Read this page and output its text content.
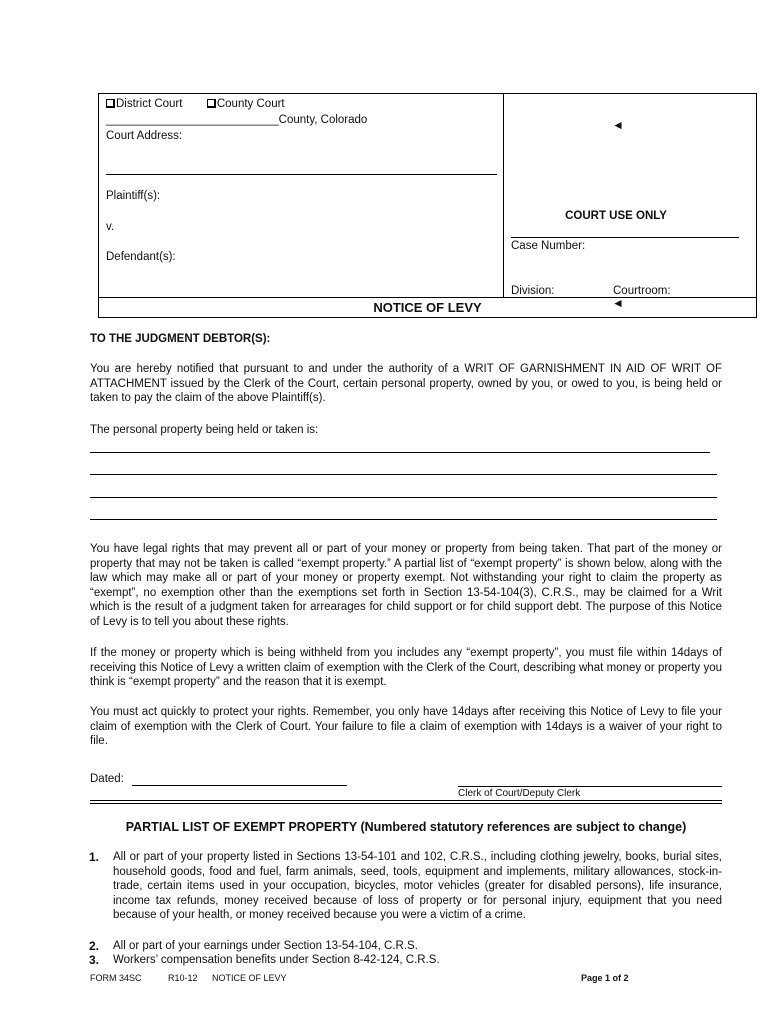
District Court	County Court
___________________________County, Colorado
Court Address:
Plaintiff(s):
v.
Defendant(s):
◄
COURT USE ONLY
Case Number:
Division:	Courtroom:
◄
NOTICE OF LEVY
TO THE JUDGMENT DEBTOR(S):
You are hereby notified that pursuant to and under the authority of a WRIT OF GARNISHMENT IN AID OF WRIT OF ATTACHMENT issued by the Clerk of the Court, certain personal property, owned by you, or owed to you, is being held or taken to pay the claim of the above Plaintiff(s).
The personal property being held or taken is:
You have legal rights that may prevent all or part of your money or property from being taken. That part of the money or property that may not be taken is called “exempt property.” A partial list of “exempt property” is shown below, along with the law which may make all or part of your money or property exempt. Not withstanding your right to claim the property as “exempt”, no exemption other than the exemptions set forth in Section 13-54-104(3), C.R.S., may be claimed for a Writ which is the result of a judgment taken for arrearages for child support or for child support debt. The purpose of this Notice of Levy is to tell you about these rights.
If the money or property which is being withheld from you includes any “exempt property”, you must file within 14days of receiving this Notice of Levy a written claim of exemption with the Clerk of the Court, describing what money or property you think is “exempt property” and the reason that it is exempt.
You must act quickly to protect your rights. Remember, you only have 14days after receiving this Notice of Levy to file your claim of exemption with the Clerk of Court. Your failure to file a claim of exemption with 14days is a waiver of your right to file.
Dated:
Clerk of Court/Deputy Clerk
PARTIAL LIST OF EXEMPT PROPERTY (Numbered statutory references are subject to change)
1. All or part of your property listed in Sections 13-54-101 and 102, C.R.S., including clothing jewelry, books, burial sites, household goods, food and fuel, farm animals, seed, tools, equipment and implements, military allowances, stock-in-trade, certain items used in your occupation, bicycles, motor vehicles (greater for disabled persons), life insurance, income tax refunds, money received because of loss of property or for personal injury, equipment that you need because of your health, or money received because you were a victim of a crime.
2. All or part of your earnings under Section 13-54-104, C.R.S.
3. Workers’ compensation benefits under Section 8-42-124, C.R.S.
FORM 34SC	R10-12 NOTICE OF LEVY	Page 1 of 2
